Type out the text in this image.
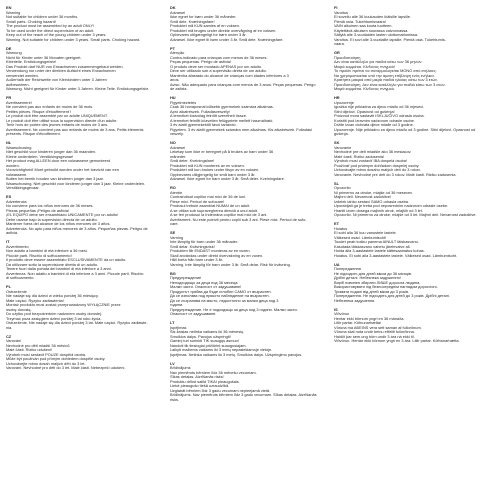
EN
Warning
Not suitable for children under 36 months.
Small parts. Choking hazard!
The product must be assembled by an adult ONLY!
To be used under the direct supervision of an adult.
Keep out of the reach of the young children under 3 years.
Warning. Not suitable for children under 3 years. Small parts. Choking hazard.
DE
Warnung
Nicht für Kinder unter 36 Monaten geeignet.
Kleinteile. Erstickungsgefahr!
Das Produkt darf NUR von Erwachsenen zusammengebaut werden.
Verwendung nur unter der direkten Aufsicht eines Erwachsenen
verwendet werden.
Außerhalb der Reichweite von Kleinkindern unter 3 Jahren
aufbewahren.
Warnung. Nicht geeignet für Kinder unter 3 Jahren. Kleine Teile. Erstickungsgefahr.
FR
Avertissement!
Ne convient pas aux enfants de moins de 36 mois.
Petites pièces. Risque d'étouffement !
Le produit doit être assemblé par un adulte UNIQUEMENT.
Le produit doit être utilisé sous la supervision directe d'un adulte.
Tenir hors de portée des jeunes enfants de moins de 3 ans.
Avertissement. Ne convient pas aux enfants de moins de 3 ans. Petits éléments
présents. Risque d'étouffement.
NL
Waarschuwing
Niet geschikt voor kinderen jonger dan 36 maanden.
Kleine onderdelen. Verstikkingsgevaar!
Het product mag ALLEEN door een volwassene gemonteerd
worden.
Voorzichtigheid! Moet gebruikt worden onder het toezicht van een
volwassene.
Buiten het bereik houden van kinderen jonger dan 3 jaar.
Waarschuwing. Niet geschikt voor kinderen jonger dan 3 jaar. Kleine onderdelen.
Verstikkingsgevaar.
ES
Advertencia
No conviene para los niños menores de 36 meses.
Piezas pequeñas ¡Peligro de asfixia!
¡EL EQUIPO debe ser ensamblado UNICAMENTE por un adulto!
Debe usarse bajo la supervisión directa de un adulto.
Mantener fuera del alcance de los niños menores de 3 años.
Advertencia. No apto para niños menores de 3 años. Pequeñas piezas. Peligro de
asfixia.
IT
Avvertimento
Non adatto a bambini di età inferiore a 36 mesi.
Piccole parti. Rischio di soffocamento!
Il prodotto deve essere assemblato ESCLUSIVAMENTE da un adulto.
Da utilizzare sotto la supervisione diretta di un adulto.
Tenere fuori dalla portata dei bambini di età inferiore a 3 anni.
Avvertenza. Non adatto a bambini di età inferiore a 3 anni. Piccole parti. Rischio
di soffocamento.
PL
Ostrzeżenie
Nie nadaje się dla dzieci w wieku poniżej 36 miesięcy.
Małe części. Ryzyko zadławienia!
Montaż produktu musi zostać przeprowadzony WYŁĄCZNIE przez
osobę dorosłą.
Do użytku pod bezpośrednim nadzorem osoby dorosłej.
Trzymać poza zasięgiem dzieci poniżej 3 lat roku życia.
Ostrzeżenie. Nie nadaje się dla dzieci poniżej 3 lat. Małe części. Ryzyko zadławie-
nia.
CZ
Varování
Nevhodné pro děti mladší 36 měsíců.
Malé části. Riziko udušení!
Výrobek musí sestavit POUZE dospělá osoba.
Může být používán pod přímým dohledem dospělé osoby.
Uchovávejte mimo dosah malých dětí do 3 let.
Varování. Nevhodné pro děti do 3 let. Malé části. Nebezpečí udušení.
DK
Advarsel
Ikke egnet for børn under 36 måneder.
Små dele. Kvælningsfare!
Produktet må KUN samles af en voksen.
Produktet må bruges under direkte overvågning af en voksen.
Opbevares utilgængeligt for børn under 3 år.
Advarsel. Ikke egnet til børn under 3 år. Små dele. Kvælningsfare.
PT
Atenção
Contra-indicado para crianças com menos de 36 meses.
Peças pequenas. Perigo de asfixia!
O produto deve ser montado APENAS por um adulto.
Deve ser utilizado sob a supervisão direta de um adulto.
Mantenha afastado do alcance de crianças com idades inferiores a 3
anos.
Aviso. Não adequado para crianças com menos de 3 anos. Peças pequenas. Perigo
de asfixia.
HU
Figyelmeztetés
Csak 36 hónaposnál idősebb gyermekek számára alkalmas.
Apró alkatrészek. Fulladásveszély!
A terméket kizárólag felnőtt szerelheti össze.
A terméket felnőtt közvetlen felügyelete mellett használható.
3 év alatti gyermekektől távol tartandó.
Figyelem. 3 év alatti gyermekek számára nem alkalmas. Kis alkatrészek. Fulladási
veszély.
NO
Advarsel
Leketøy som ikke er beregnet på å brukes av barn under 36
måneder.
Små deler. Kvelningsfare!
Produktet må KUN monteres av en voksen.
Produktet må kun brukes under tilsyn av en voksen.
Oppbevares utilgjengelig for små barn under 3 år.
Advarsel. Ikke egnet for barn under 3 år. Små deler. Kvelningsfare.
RO
Atenție
Contraindicat copiilor mai mici de 36 de luni.
Piese mici. Pericol de sufocare!
Produsul trebuie asamblat NUMAI de un adult.
A se utiliza sub supravegherea directă a unui adult.
A se feri produsul la îndemâna copiilor mai mici de 3 ani.
Avertisment. Nu este potrivit pentru copiii sub 3 ani. Piese mici. Pericol de sufo-
care.
SE
Varning
Inte lämplig för barn under 36 månader.
Små delar. Kvävningsrisk!
Produkten får ENDAST monteras av en vuxen.
Skall användas under direkt övervakning av en vuxen.
Håll borta från barn under 3 år.
Varning. Inte lämplig för barn under 3 år. Små delar. Risk för kvävning.
BG
Предупреждение
Неподходящо за деца под 36 месеца.
Малки части. Опасност от задушаване!
Продуктът трябва да бъде сглобен САМО от възрастен.
Да се използва под прякото наблюдение на възрастен.
Да се съхранява на място, недостъпно за малки деца под 3
години.
Предупреждение. Не е подходящо за деца под 3 години. Малки части.
Опасност от задушаване.
LT
Įspėjimas
Šis žaislas netinka vaikams iki 36 mėnesių.
Smulkios dalys. Pavojus užspringti!
Gaminį turi surinkti TIK suaugęs asmuo!
Naudoti tik tiesiogiai prižiūrint suaugusiajam.
Laikyti mažiems vaikams iki 3 metų nepasiekiamoje vietoje.
Įspėjimas. Netinka vaikams iki 3 metų. Smulkios dalys. Užspringimo pavojus.
LV
Brīdinājums
Nav piemērots bērniem līdz 36 mēnešu vecumam.
Sīkas detaļas. Aizrīšanās risks!
Produktu drīkst salikt TIKAI pieaugušais.
Lietot pieaugušo tiešā uzraudzībā.
Uzglabāt bērniem līdz 3 gadu vecumam nepieejamā vietā.
Brīdinājums. Nav piemērots bērniem līdz 3 gadu vecumam. Sīkas detaļas. Aizrīšanās
risks.
FI
Varoitus
Ei sovellu alle 36 kuukauden ikäisille lapsille.
Pieniä osia. Tukehtumisvaara!
VAIN aikuinen saa koota tuotteen.
Käytettävä aikuisen suorassa valvonnassa.
Säilytä alle 3-vuotiaiden lasten ulottumattomissa.
Varoitus. Ei sovi alle 3-vuotiaille lapsille. Pieniä osia. Tukehtumis-
vaara.
GR
Προειδοποίηση
Δεν είναι κατάλληλο για παιδιά κάτω των 36 μηνών.
Μικρά κομμάτια. Κίνδυνος πνιγμού!
Το προϊόν πρέπει να συναρμολογείται ΜΟΝΟ από ενήλικες.
Να χρησιμοποιείται υπό την άμεση επίβλεψη ενός ενήλικα.
Κρατήστε μακριά από μικρά παιδιά ηλικίας κάτω των 3 ετών.
Προειδοποίηση. Δεν είναι κατάλληλο για παιδιά κάτω των 3 ετών.
Μικρά κομμάτια. Κίνδυνος πνιγμού.
HR
Upozorenje
Igračka nije prikladna za djecu mlađu od 36 mjeseci.
Sitni dijelovi. Opasnost od gušenja!
Proizvod mora sastaviti ISKLJUČIVO odrasla osoba.
Koristiti pod izravnim nadzorom odrasle osobe.
Držite izvan dohvata djece mlađe od 3 godine.
Upozorenje. Nije prikladno za djecu mlađu od 3 godine. Sitni dijelovi. Opasnost od
gušenja.
SK
Varovanie
Nevhodné pre deti mladšie ako 36 mesiacov.
Malé časti. Riziko zadusenia!
Výrobok musí zostaviť IBA dospelá osoba!
Používať pod priamym dohľadom dospelej osoby.
Uchovávajte mimo dosahu malých detí do 3 rokov.
Varovanie. Nevhodné pre deti do 3 rokov. Malé časti. Riziko zadusenia.
SL
Opozorilo
Ni primerno za otroke, mlajše od 36 mesecev.
Majhni deli. Nevarnost zadušitve!
Izdelek lahko sestavi SAMO odrasla oseba.
Uporabljati ga je treba pod neposrednim nadzorom odrasle osebe.
Hraniti izven dosega majhnih otrok, mlajših od 3 let.
Opozorilo. Ni primerno za otroke, mlajše od 3 let. Majhni deli. Nevarnost zadušitve.
ET
Hoiatus
Ei sobi alla 36 kuu vanustele lastele.
Väikesed osad. Lämbumisoht!
Toodet peab kokku panema AINULT täiskasvanu.
Kasutada täiskasvanu vahetu järelevalve all.
Hoida alla 3-aastastele lastele kättesaamatus kohas.
Hoiatus. Ei sobi alla 3-aastastele lastele. Väikesed osad. Lämbumisoht.
UA
Попередження
Не підходить для дітей віком до 36 місяців.
Дрібні деталі. Небезпека задушення!
Виріб повинен збирати ЛИШЕ доросла людина.
Використовувати під безпосереднім наглядом дорослого.
Тримати подалі від дітей віком до 3 років.
Попередження. Не підходить для дітей до 3 років. Дрібні деталі.
Небезпека задушення.
IS
Viðvörun
Hentar ekki börnum yngri en 36 mánaða.
Litlir partar. Köfnunarhætta!
Vöruna má AÐEINS vera sett saman af fullorðnum.
Vöruna skal nota undir beinu eftirliti fullorðinna.
Haldið þar sem ung börn undir 3 ára ná ekki til.
Viðvörun. Hentar ekki börnum yngri en 3 ára. Litlir partar. Köfnunarhætta.
